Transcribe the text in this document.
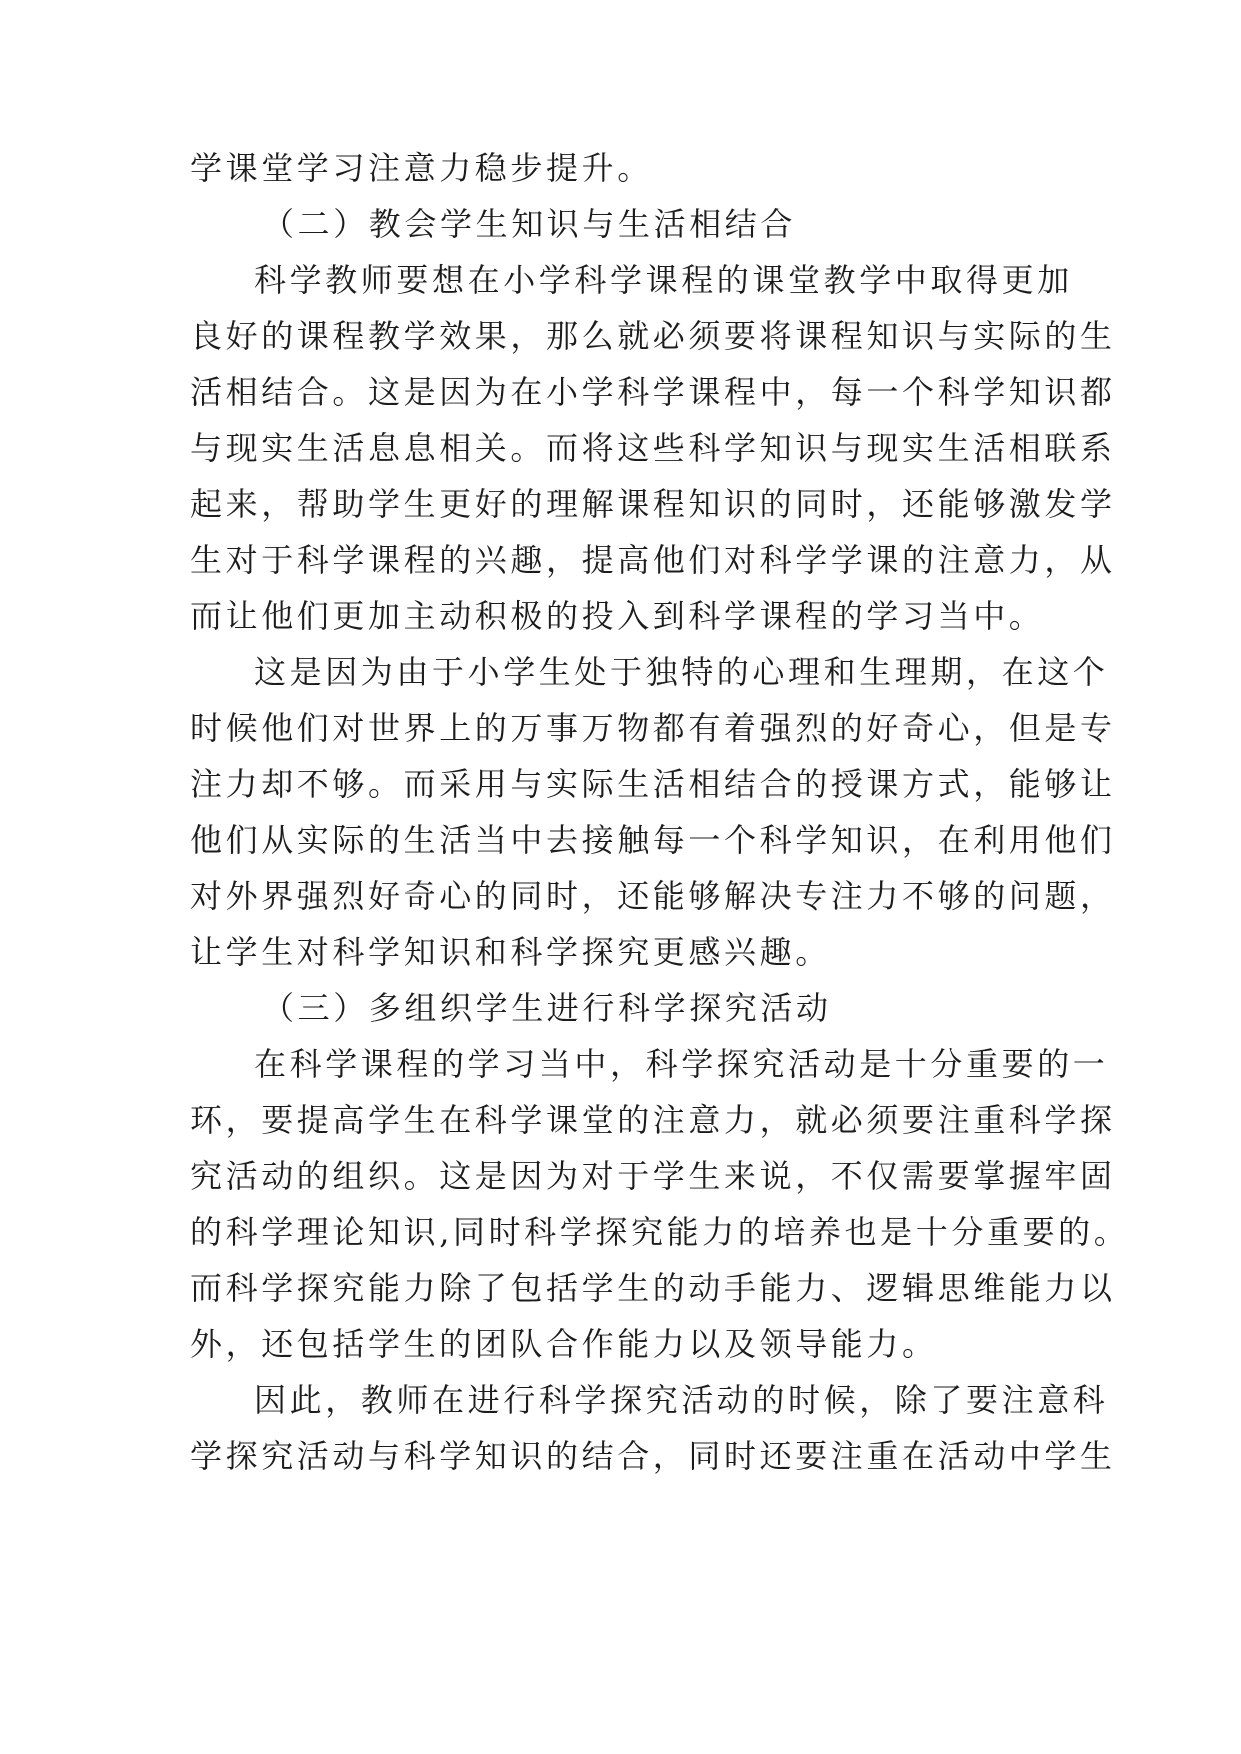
学课堂学习注意力稳步提升。

（二）教会学生知识与生活相结合

科学教师要想在小学科学课程的课堂教学中取得更加

良好的课程教学效果，那么就必须要将课程知识与实际的生

活相结合。这是因为在小学科学课程中，每一个科学知识都

与现实生活息息相关。而将这些科学知识与现实生活相联系

起来，帮助学生更好的理解课程知识的同时，还能够激发学

生对于科学课程的兴趣，提高他们对科学学课的注意力，从

而让他们更加主动积极的投入到科学课程的学习当中。

这是因为由于小学生处于独特的心理和生理期，在这个

时候他们对世界上的万事万物都有着强烈的好奇心，但是专

注力却不够。而采用与实际生活相结合的授课方式，能够让

他们从实际的生活当中去接触每一个科学知识，在利用他们

对外界强烈好奇心的同时，还能够解决专注力不够的问题，

让学生对科学知识和科学探究更感兴趣。

（三）多组织学生进行科学探究活动

在科学课程的学习当中，科学探究活动是十分重要的一

环，要提高学生在科学课堂的注意力，就必须要注重科学探

究活动的组织。这是因为对于学生来说，不仅需要掌握牢固

的科学理论知识,同时科学探究能力的培养也是十分重要的。

而科学探究能力除了包括学生的动手能力、逻辑思维能力以

外，还包括学生的团队合作能力以及领导能力。

因此，教师在进行科学探究活动的时候，除了要注意科

学探究活动与科学知识的结合，同时还要注重在活动中学生
